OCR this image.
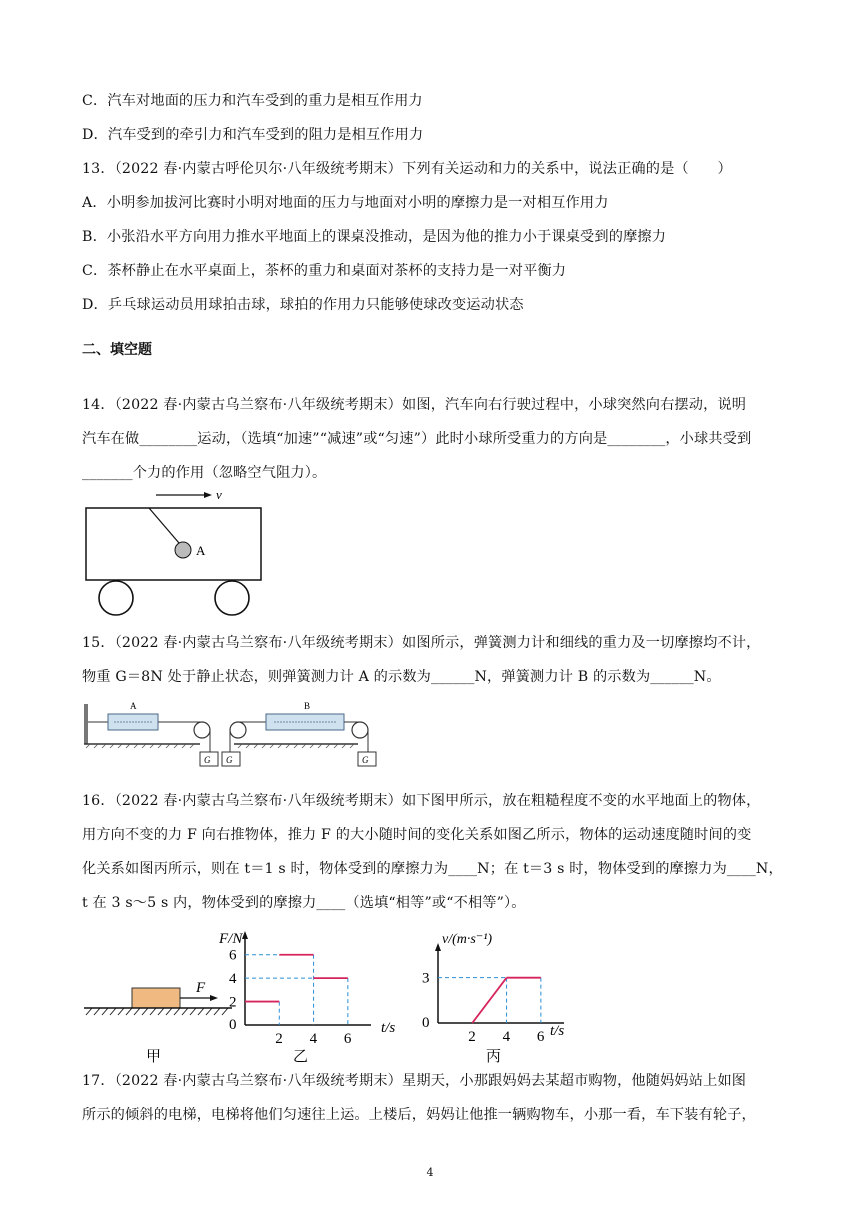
C．汽车对地面的压力和汽车受到的重力是相互作用力
D．汽车受到的牵引力和汽车受到的阻力是相互作用力
13．（2022 春·内蒙古呼伦贝尔·八年级统考期末）下列有关运动和力的关系中，说法正确的是（　　）
A．小明参加拔河比赛时小明对地面的压力与地面对小明的摩擦力是一对相互作用力
B．小张沿水平方向用力推水平地面上的课桌没推动，是因为他的推力小于课桌受到的摩擦力
C．茶杯静止在水平桌面上，茶杯的重力和桌面对茶杯的支持力是一对平衡力
D．乒乓球运动员用球拍击球，球拍的作用力只能够使球改变运动状态
二、填空题
14．（2022 春·内蒙古乌兰察布·八年级统考期末）如图，汽车向右行驶过程中，小球突然向右摆动，说明
汽车在做________运动，（选填“加速”“减速”或“匀速”）此时小球所受重力的方向是________，小球共受到
_______个力的作用（忽略空气阻力）。
15．（2022 春·内蒙古乌兰察布·八年级统考期末）如图所示，弹簧测力计和细线的重力及一切摩擦均不计，
物重 G＝8N 处于静止状态，则弹簧测力计 A 的示数为______N，弹簧测力计 B 的示数为______N。
16．（2022 春·内蒙古乌兰察布·八年级统考期末）如下图甲所示，放在粗糙程度不变的水平地面上的物体，
用方向不变的力 F 向右推物体，推力 F 的大小随时间的变化关系如图乙所示，物体的运动速度随时间的变
化关系如图丙所示，则在 t＝1 s 时，物体受到的摩擦力为____N；在 t＝3 s 时，物体受到的摩擦力为____N，
t 在 3 s～5 s 内，物体受到的摩擦力____（选填“相等”或“不相等”）。
17．（2022 春·内蒙古乌兰察布·八年级统考期末）星期天，小那跟妈妈去某超市购物，他随妈妈站上如图
所示的倾斜的电梯，电梯将他们匀速往上运。上楼后，妈妈让他推一辆购物车，小那一看，车下装有轮子，
v
A
A
G G
B
G
F
甲
F/N
t/s
0
乙
2 4 6
2
4
6
v/(m·s⁻¹)
t/s
0
丙
2 4 6
3
4
